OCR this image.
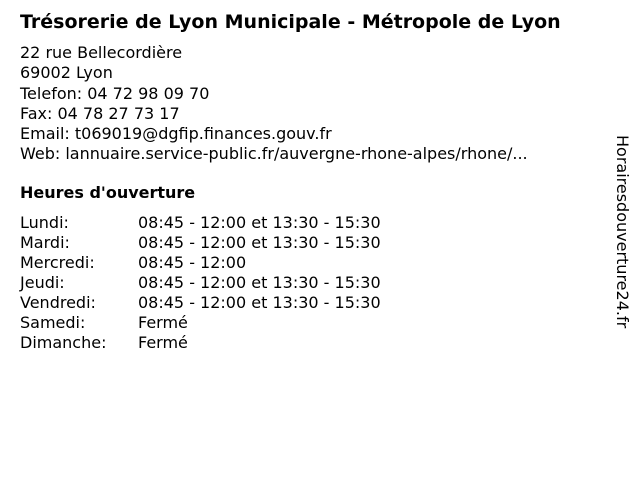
Trésorerie de Lyon Municipale - Métropole de Lyon
22 rue Bellecordière
69002 Lyon
Telefon: 04 72 98 09 70
Fax: 04 78 27 73 17
Email: t069019@dgfip.finances.gouv.fr
Web: lannuaire.service-public.fr/auvergne-rhone-alpes/rhone/...
Heures d'ouverture
Lundi:	08:45 - 12:00 et 13:30 - 15:30
Mardi:	08:45 - 12:00 et 13:30 - 15:30
Mercredi:	08:45 - 12:00
Jeudi:	08:45 - 12:00 et 13:30 - 15:30
Vendredi:	08:45 - 12:00 et 13:30 - 15:30
Samedi:	Fermé
Dimanche: Fermé
Horairesdouverture24.fr
